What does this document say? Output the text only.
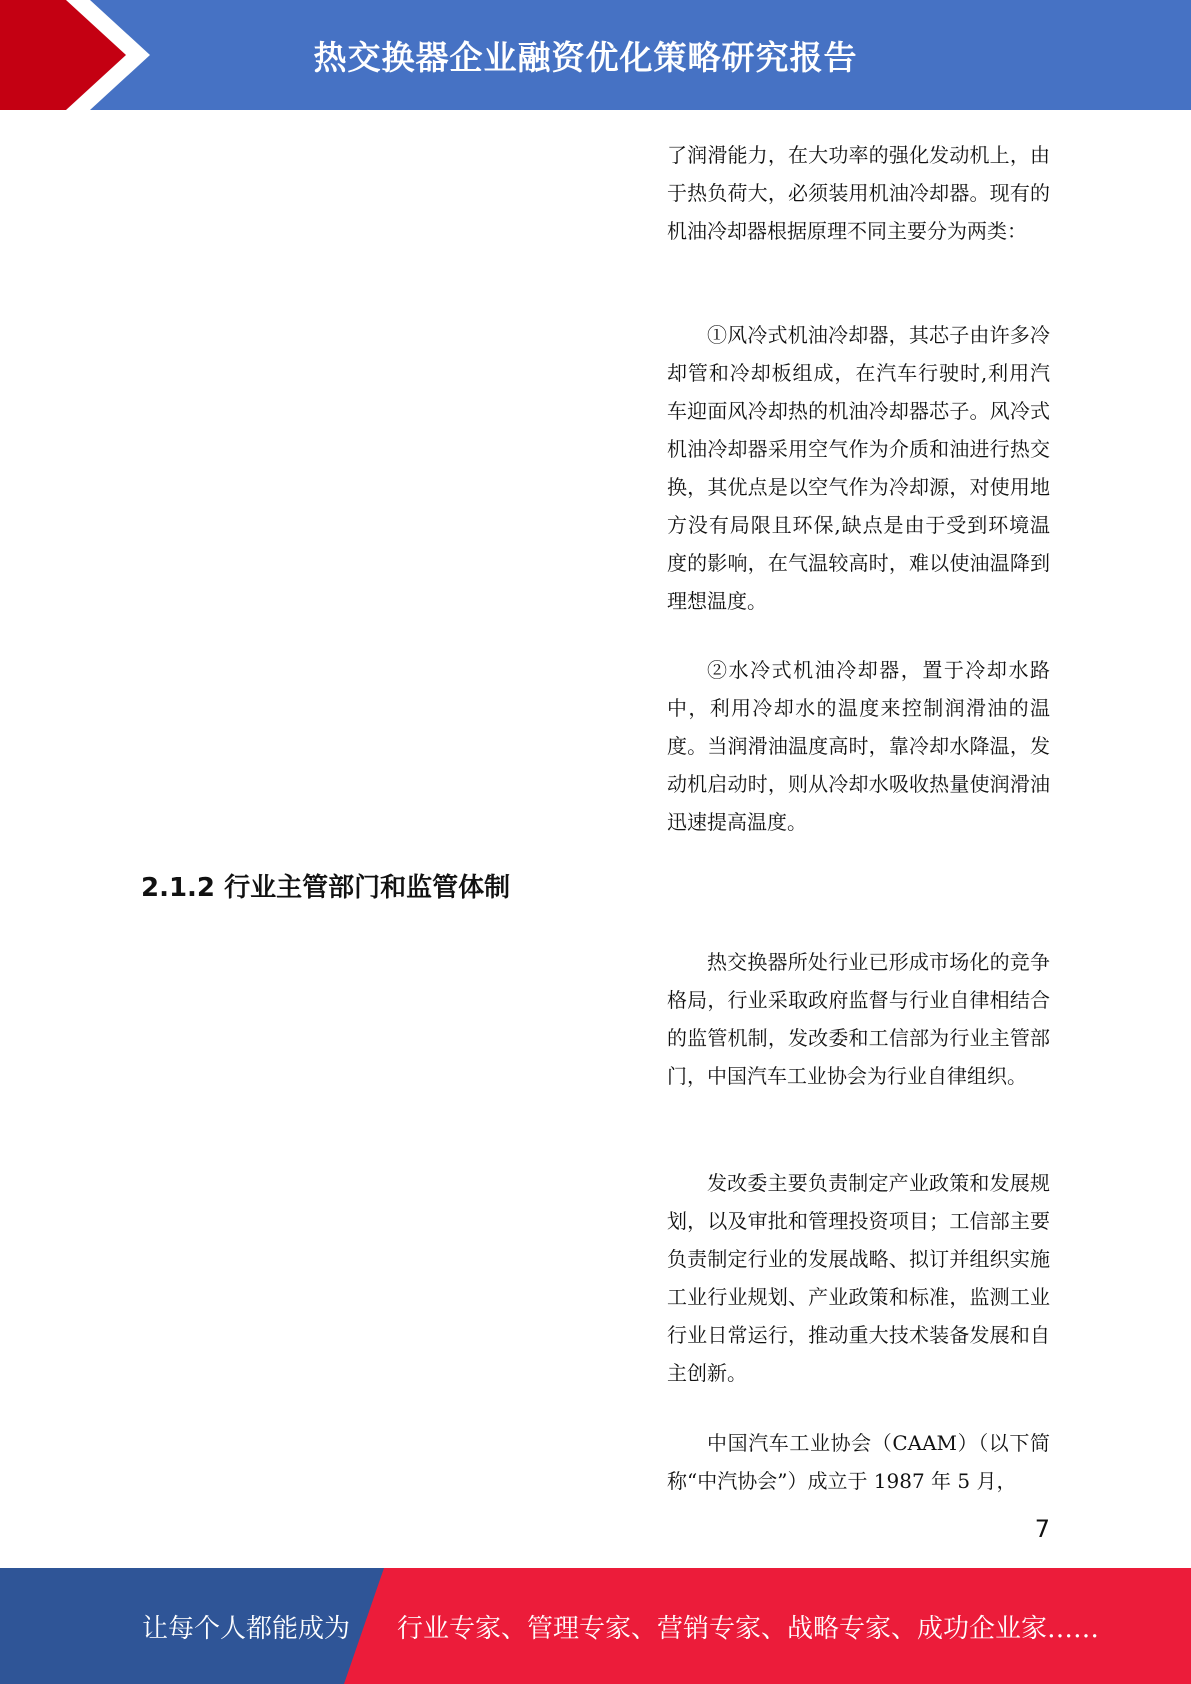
热交换器企业融资优化策略研究报告

了润滑能力，在大功率的强化发动机上，由于热负荷大，必须装用机油冷却器。现有的机油冷却器根据原理不同主要分为两类：

①风冷式机油冷却器，其芯子由许多冷却管和冷却板组成，在汽车行驶时,利用汽车迎面风冷却热的机油冷却器芯子。风冷式机油冷却器采用空气作为介质和油进行热交换，其优点是以空气作为冷却源，对使用地方没有局限且环保,缺点是由于受到环境温度的影响，在气温较高时，难以使油温降到理想温度。

②水冷式机油冷却器，置于冷却水路中，利用冷却水的温度来控制润滑油的温度。当润滑油温度高时，靠冷却水降温，发动机启动时，则从冷却水吸收热量使润滑油迅速提高温度。

2.1.2 行业主管部门和监管体制

热交换器所处行业已形成市场化的竞争格局，行业采取政府监督与行业自律相结合的监管机制，发改委和工信部为行业主管部门，中国汽车工业协会为行业自律组织。

发改委主要负责制定产业政策和发展规划，以及审批和管理投资项目；工信部主要负责制定行业的发展战略、拟订并组织实施工业行业规划、产业政策和标准，监测工业行业日常运行，推动重大技术装备发展和自主创新。

中国汽车工业协会（CAAM）（以下简称“中汽协会”）成立于 1987 年 5 月，

7
让每个人都能成为 行业专家、管理专家、营销专家、战略专家、成功企业家……
